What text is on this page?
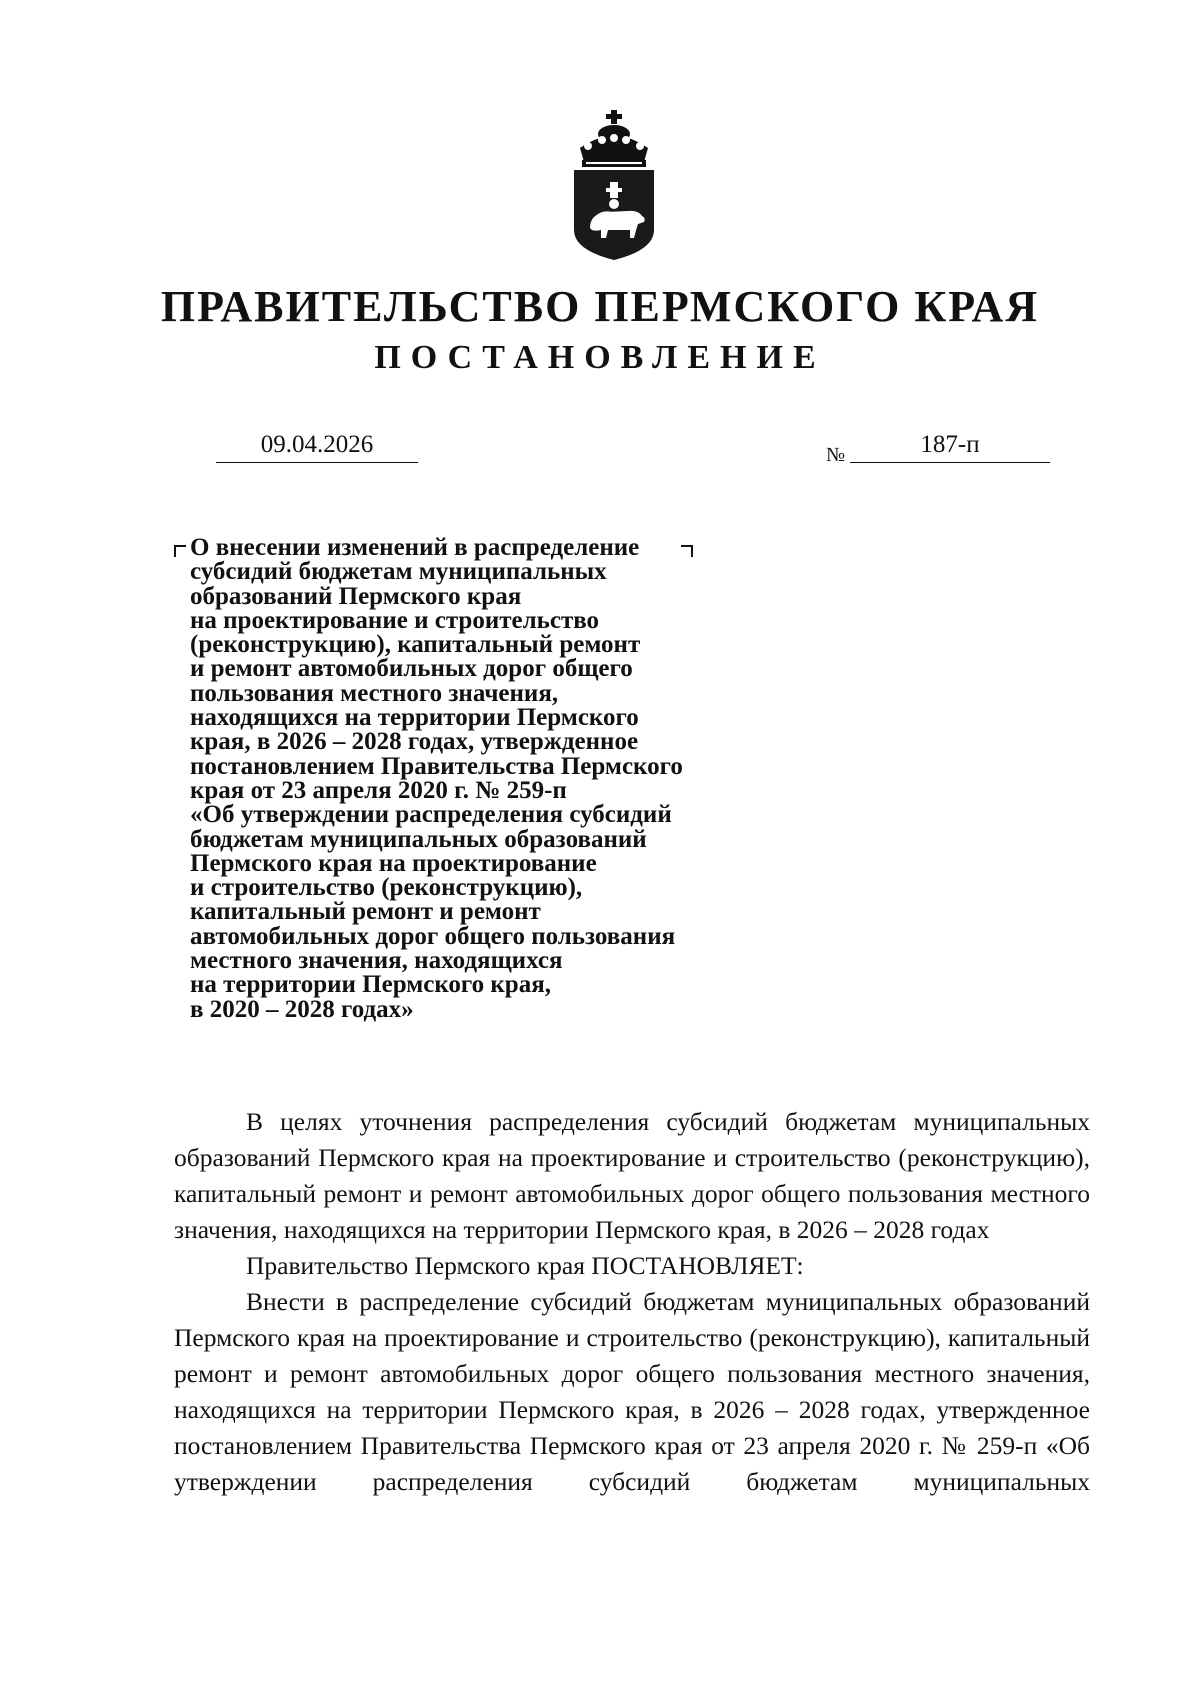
ПРАВИТЕЛЬСТВО ПЕРМСКОГО КРАЯ
ПОСТАНОВЛЕНИЕ
09.04.2026	№	187-п
О внесении изменений в распределение
субсидий бюджетам муниципальных
образований Пермского края
на проектирование и строительство
(реконструкцию), капитальный ремонт
и ремонт автомобильных дорог общего
пользования местного значения,
находящихся на территории Пермского
края, в 2026 – 2028 годах, утвержденное
постановлением Правительства Пермского
края от 23 апреля 2020 г. № 259-п
«Об утверждении распределения субсидий
бюджетам муниципальных образований
Пермского края на проектирование
и строительство (реконструкцию),
капитальный ремонт и ремонт
автомобильных дорог общего пользования
местного значения, находящихся
на территории Пермского края,
в 2020 – 2028 годах»

В целях уточнения распределения субсидий бюджетам муниципальных образований Пермского края на проектирование и строительство (реконструкцию), капитальный ремонт и ремонт автомобильных дорог общего пользования местного значения, находящихся на территории Пермского края, в 2026 – 2028 годах

Правительство Пермского края ПОСТАНОВЛЯЕТ:

Внести в распределение субсидий бюджетам муниципальных образований Пермского края на проектирование и строительство (реконструкцию), капитальный ремонт и ремонт автомобильных дорог общего пользования местного значения, находящихся на территории Пермского края, в 2026 – 2028 годах, утвержденное постановлением Правительства Пермского края от 23 апреля 2020 г. № 259-п «Об утверждении распределения субсидий бюджетам муниципальных
